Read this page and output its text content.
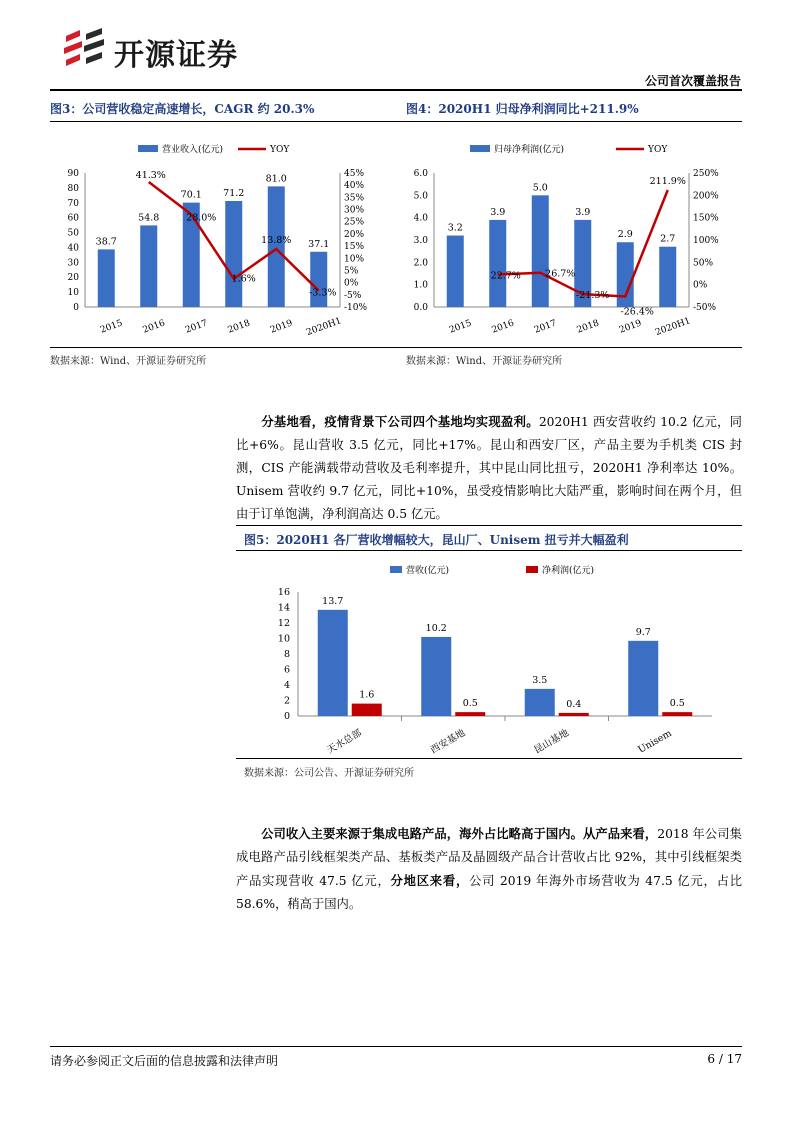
开源证券
公司首次覆盖报告
图3：公司营收稳定高速增长，CAGR 约 20.3%	图4：2020H1 归母净利润同比+211.9%
营业收入(亿元)	YOY
0
10
20
30
40
50
60
70
80
90
-10%
-5%
0%
5%
10%
15%
20%
25%
30%
35%
40%
45%
38.7
2015
54.8
2016
70.1
2017
71.2
2018
81.0
2019
37.1
2020H1
41.3%
28.0%
1.6%
13.8%
-3.3%
归母净利润(亿元)	YOY
0.0
1.0
2.0
3.0
4.0
5.0
6.0
-50%
0%
50%
100%
150%
200%
250%
3.2
2015
3.9
2016
5.0
2017
3.9
2018
2.9
2019
2.7
2020H1
22.7%	26.7%
-21.3%
-26.4%
211.9%
数据来源：Wind、开源证券研究所	数据来源：Wind、开源证券研究所
分基地看，疫情背景下公司四个基地均实现盈利。2020H1 西安营收约 10.2 亿元，同比+6%。昆山营收 3.5 亿元，同比+17%。昆山和西安厂区，产品主要为手机类 CIS 封测，CIS 产能满载带动营收及毛利率提升，其中昆山同比扭亏，2020H1 净利率达 10%。Unisem 营收约 9.7 亿元，同比+10%，虽受疫情影响比大陆严重，影响时间在两个月，但由于订单饱满，净利润高达 0.5 亿元。
图5：2020H1 各厂营收增幅较大，昆山厂、Unisem 扭亏并大幅盈利
营收(亿元)	净利润(亿元)
0
2
4
6
8
10
12
14
16
13.7
1.6
天水总部
10.2
0.5
西安基地
3.5
0.4
昆山基地
9.7
0.5
Unisem
数据来源：公司公告、开源证券研究所
公司收入主要来源于集成电路产品，海外占比略高于国内。从产品来看，2018 年公司集成电路产品引线框架类产品、基板类产品及晶圆级产品合计营收占比 92%，其中引线框架类产品实现营收 47.5 亿元，分地区来看，公司 2019 年海外市场营收为 47.5 亿元，占比 58.6%，稍高于国内。
请务必参阅正文后面的信息披露和法律声明	6 / 17
